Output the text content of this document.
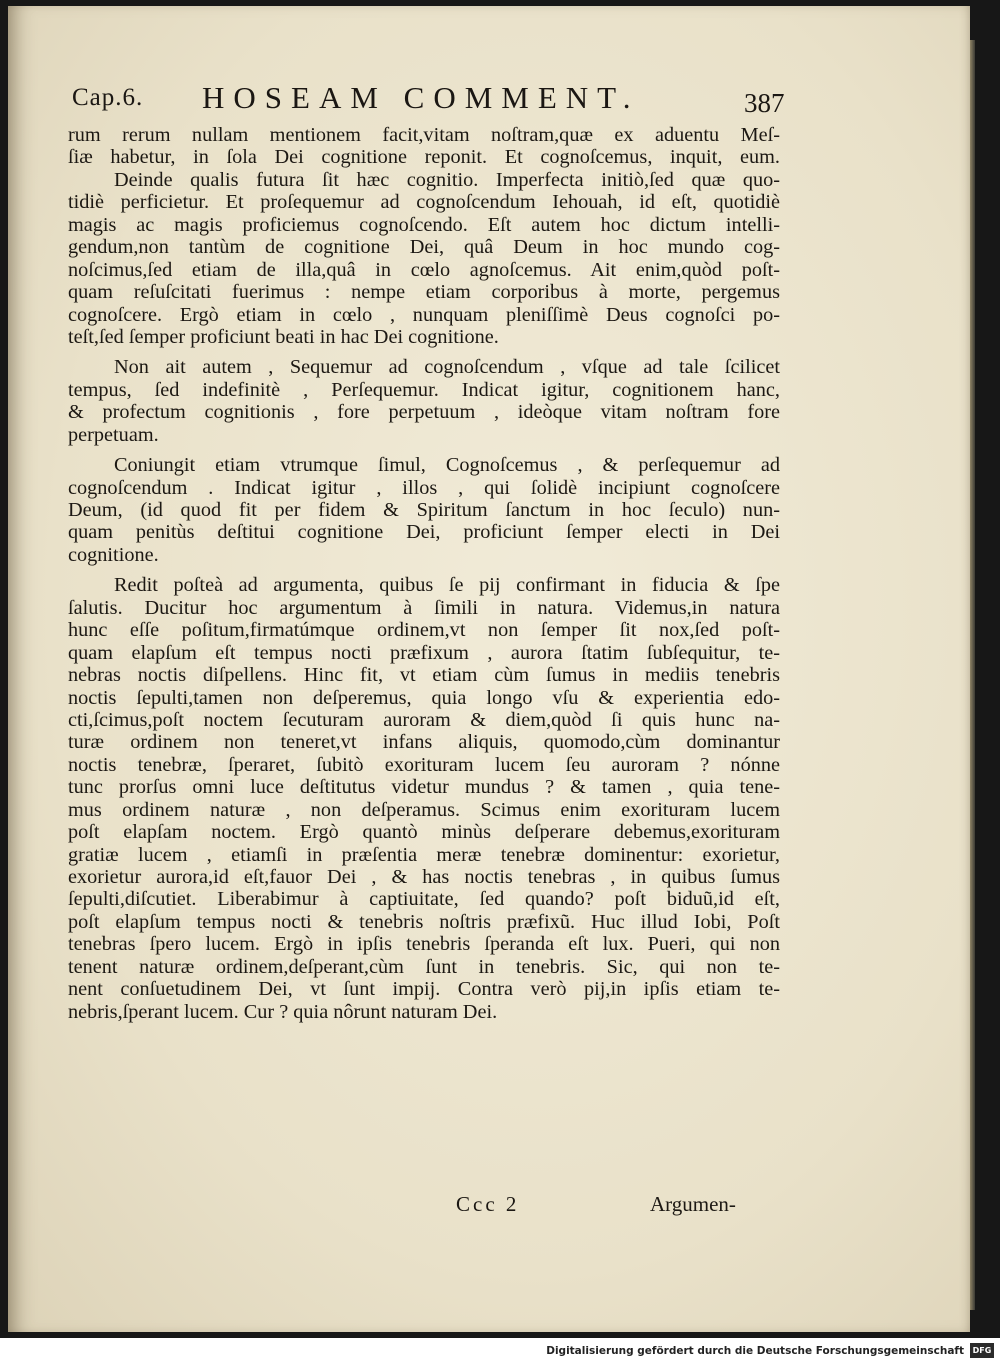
Cap.6. HOSEAM COMMENT.	387
rum rerum nullam mentionem facit,vitam noſtram,quæ ex aduentu Meſ-
ſiæ habetur, in ſola Dei cognitione reponit. Et cognoſcemus, inquit, eum.
Deinde qualis futura ſit hæc cognitio. Imperfecta initiò,ſed quæ quo-
tidiè perficietur. Et proſequemur ad cognoſcendum Iehouah, id eſt, quotidiè
magis ac magis proficiemus cognoſcendo. Eſt autem hoc dictum intelli-
gendum,non tantùm de cognitione Dei, quâ Deum in hoc mundo cog-
noſcimus,ſed etiam de illa,quâ in cœlo agnoſcemus. Ait enim,quòd poſt-
quam reſuſcitati fuerimus : nempe etiam corporibus à morte, pergemus
cognoſcere. Ergò etiam in cœlo , nunquam pleniſſimè Deus cognoſci po-
teſt,ſed ſemper proficiunt beati in hac Dei cognitione.
Non ait autem , Sequemur ad cognoſcendum , vſque ad tale ſcilicet
tempus, ſed indefinitè , Perſequemur. Indicat igitur, cognitionem hanc,
& profectum cognitionis , fore perpetuum , ideòque vitam noſtram fore
perpetuam.
Coniungit etiam vtrumque ſimul, Cognoſcemus , & perſequemur ad
cognoſcendum . Indicat igitur , illos , qui ſolidè incipiunt cognoſcere
Deum, (id quod fit per fidem & Spiritum ſanctum in hoc ſeculo) nun-
quam penitùs deſtitui cognitione Dei, proficiunt ſemper electi in Dei
cognitione.
Redit poſteà ad argumenta, quibus ſe pij confirmant in fiducia & ſpe
ſalutis. Ducitur hoc argumentum à ſimili in natura. Videmus,in natura
hunc eſſe poſitum,firmatúmque ordinem,vt non ſemper ſit nox,ſed poſt-
quam elapſum eſt tempus nocti præfixum , aurora ſtatim ſubſequitur, te-
nebras noctis diſpellens. Hinc fit, vt etiam cùm ſumus in mediis tenebris
noctis ſepulti,tamen non deſperemus, quia longo vſu & experientia edo-
cti,ſcimus,poſt noctem ſecuturam auroram & diem,quòd ſi quis hunc na-
turæ ordinem non teneret,vt infans aliquis, quomodo,cùm dominantur
noctis tenebræ, ſperaret, ſubitò exorituram lucem ſeu auroram ? nónne
tunc prorſus omni luce deſtitutus videtur mundus ? & tamen , quia tene-
mus ordinem naturæ , non deſperamus. Scimus enim exorituram lucem
poſt elapſam noctem. Ergò quantò minùs deſperare debemus,exorituram
gratiæ lucem , etiamſi in præſentia meræ tenebræ dominentur: exorietur,
exorietur aurora,id eſt,fauor Dei , & has noctis tenebras , in quibus ſumus
ſepulti,diſcutiet. Liberabimur à captiuitate, ſed quando? poſt biduũ,id eſt,
poſt elapſum tempus nocti & tenebris noſtris præfixũ. Huc illud Iobi, Poſt
tenebras ſpero lucem. Ergò in ipſis tenebris ſperanda eſt lux. Pueri, qui non
tenent naturæ ordinem,deſperant,cùm ſunt in tenebris. Sic, qui non te-
nent conſuetudinem Dei, vt ſunt impij. Contra verò pij,in ipſis etiam te-
nebris,ſperant lucem. Cur ? quia nôrunt naturam Dei.
Ccc 2	Argumen-
Digitalisierung gefördert durch die Deutsche Forschungsgemeinschaft	DFG
